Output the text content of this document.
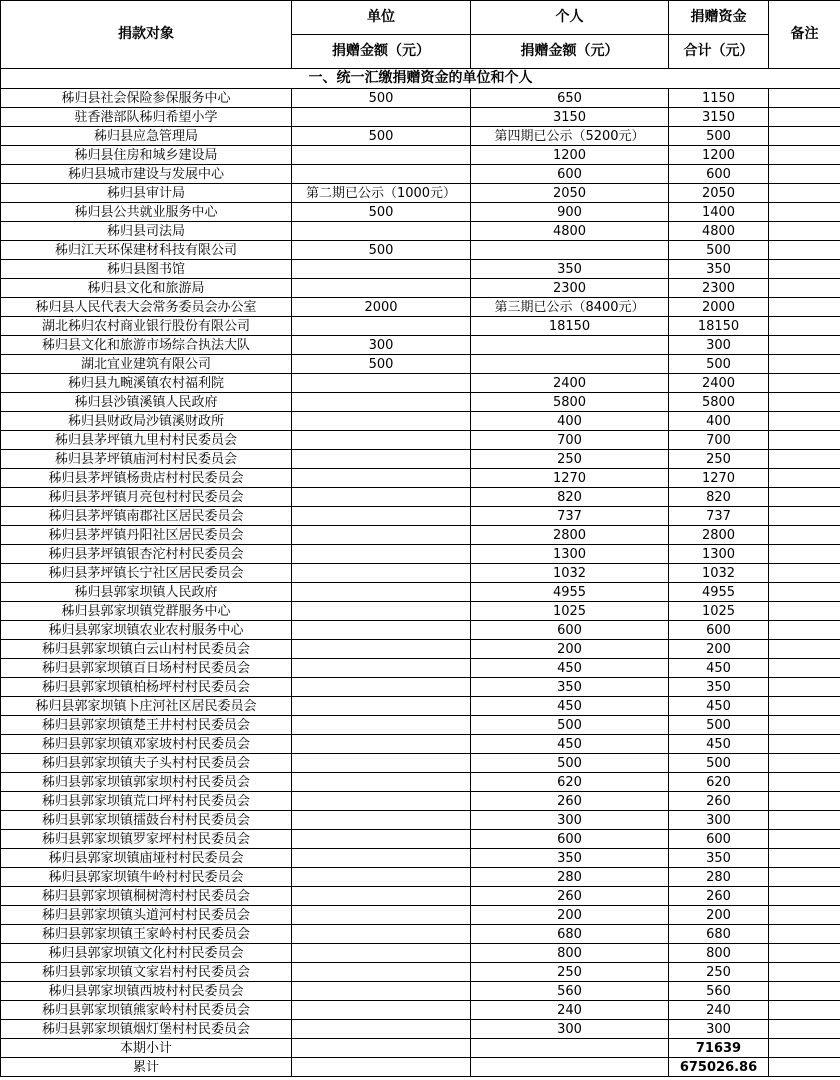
捐款对象	单位	个人	捐赠资金	备注
	捐赠金额（元）	捐赠金额（元）	合计（元）	
一、统一汇缴捐赠资金的单位和个人				
秭归县社会保险参保服务中心	500	650	1150	
驻香港部队秭归希望小学		3150	3150	
秭归县应急管理局	500	第四期已公示（5200元）	500	
秭归县住房和城乡建设局		1200	1200	
秭归县城市建设与发展中心		600	600	
秭归县审计局	第二期已公示（1000元）	2050	2050	
秭归县公共就业服务中心	500	900	1400	
秭归县司法局		4800	4800	
秭归江天环保建材科技有限公司	500		500	
秭归县图书馆		350	350	
秭归县文化和旅游局		2300	2300	
秭归县人民代表大会常务委员会办公室	2000	第三期已公示（8400元）	2000	
湖北秭归农村商业银行股份有限公司		18150	18150	
秭归县文化和旅游市场综合执法大队	300		300	
湖北宜业建筑有限公司	500		500	
秭归县九畹溪镇农村福利院		2400	2400	
秭归县沙镇溪镇人民政府		5800	5800	
秭归县财政局沙镇溪财政所		400	400	
秭归县茅坪镇九里村村民委员会		700	700	
秭归县茅坪镇庙河村村民委员会		250	250	
秭归县茅坪镇杨贵店村村民委员会		1270	1270	
秭归县茅坪镇月亮包村村民委员会		820	820	
秭归县茅坪镇南郡社区居民委员会		737	737	
秭归县茅坪镇丹阳社区居民委员会		2800	2800	
秭归县茅坪镇银杏沱村村民委员会		1300	1300	
秭归县茅坪镇长宁社区居民委员会		1032	1032	
秭归县郭家坝镇人民政府		4955	4955	
秭归县郭家坝镇党群服务中心		1025	1025	
秭归县郭家坝镇农业农村服务中心		600	600	
秭归县郭家坝镇白云山村村民委员会		200	200	
秭归县郭家坝镇百日场村村民委员会		450	450	
秭归县郭家坝镇柏杨坪村村民委员会		350	350	
秭归县郭家坝镇卜庄河社区居民委员会		450	450	
秭归县郭家坝镇楚王井村村民委员会		500	500	
秭归县郭家坝镇邓家坡村村民委员会		450	450	
秭归县郭家坝镇夫子头村村民委员会		500	500	
秭归县郭家坝镇郭家坝村村民委员会		620	620	
秭归县郭家坝镇荒口坪村村民委员会		260	260	
秭归县郭家坝镇擂鼓台村村民委员会		300	300	
秭归县郭家坝镇罗家坪村村民委员会		600	600	
秭归县郭家坝镇庙垭村村民委员会		350	350	
秭归县郭家坝镇牛岭村村民委员会		280	280	
秭归县郭家坝镇桐树湾村村民委员会		260	260	
秭归县郭家坝镇头道河村村民委员会		200	200	
秭归县郭家坝镇王家岭村村民委员会		680	680	
秭归县郭家坝镇文化村村民委员会		800	800	
秭归县郭家坝镇文家岩村村民委员会		250	250	
秭归县郭家坝镇西坡村村民委员会		560	560	
秭归县郭家坝镇熊家岭村村民委员会		240	240	
秭归县郭家坝镇烟灯堡村村民委员会		300	300	
本期小计			71639	
累计			675026.86	
